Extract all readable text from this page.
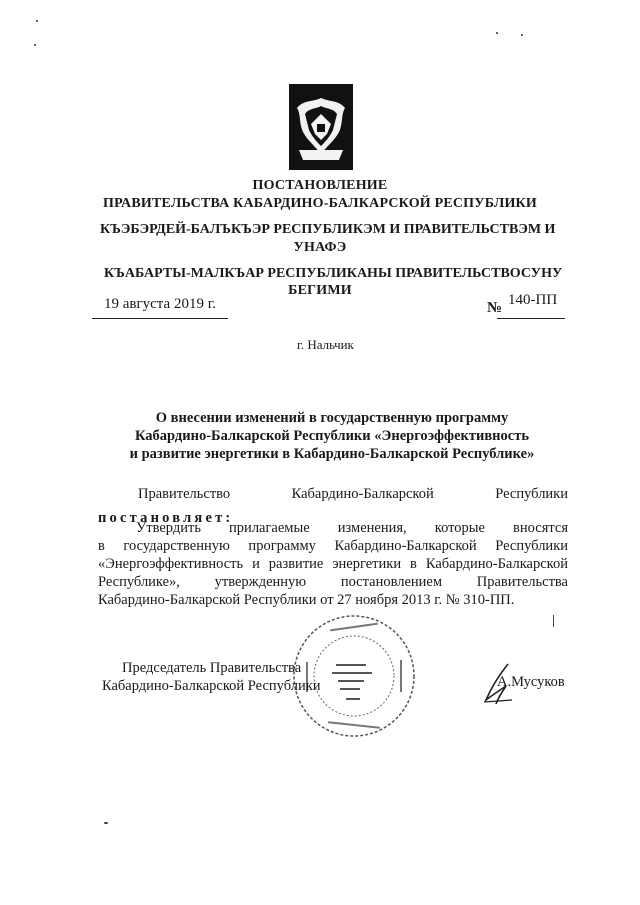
ПОСТАНОВЛЕНИЕ
ПРАВИТЕЛЬСТВА КАБАРДИНО-БАЛКАРСКОЙ РЕСПУБЛИКИ
КЪЭБЭРДЕЙ-БАЛЪКЪЭР РЕСПУБЛИКЭМ И ПРАВИТЕЛЬСТВЭМ И
УНАФЭ
КЪАБАРТЫ-МАЛКЪАР РЕСПУБЛИКАНЫ ПРАВИТЕЛЬСТВОСУНУ
БЕГИМИ
19 августа 2019 г.	№ 140-ПП
г. Нальчик
О внесении изменений в государственную программу
Кабардино-Балкарской Республики «Энергоэффективность
и развитие энергетики в Кабардино-Балкарской Республике»
Правительство	Кабардино-Балкарской	Республики
постановляет:
Утвердить прилагаемые изменения, которые вносятся
в государственную программу Кабардино-Балкарской Республики
«Энергоэффективность и развитие энергетики в Кабардино-Балкарской
Республике», утвержденную постановлением Правительства
Кабардино-Балкарской Республики от 27 ноября 2013 г. № 310-ПП.
Председатель Правительства
Кабардино-Балкарской Республики	А.Мусуков
